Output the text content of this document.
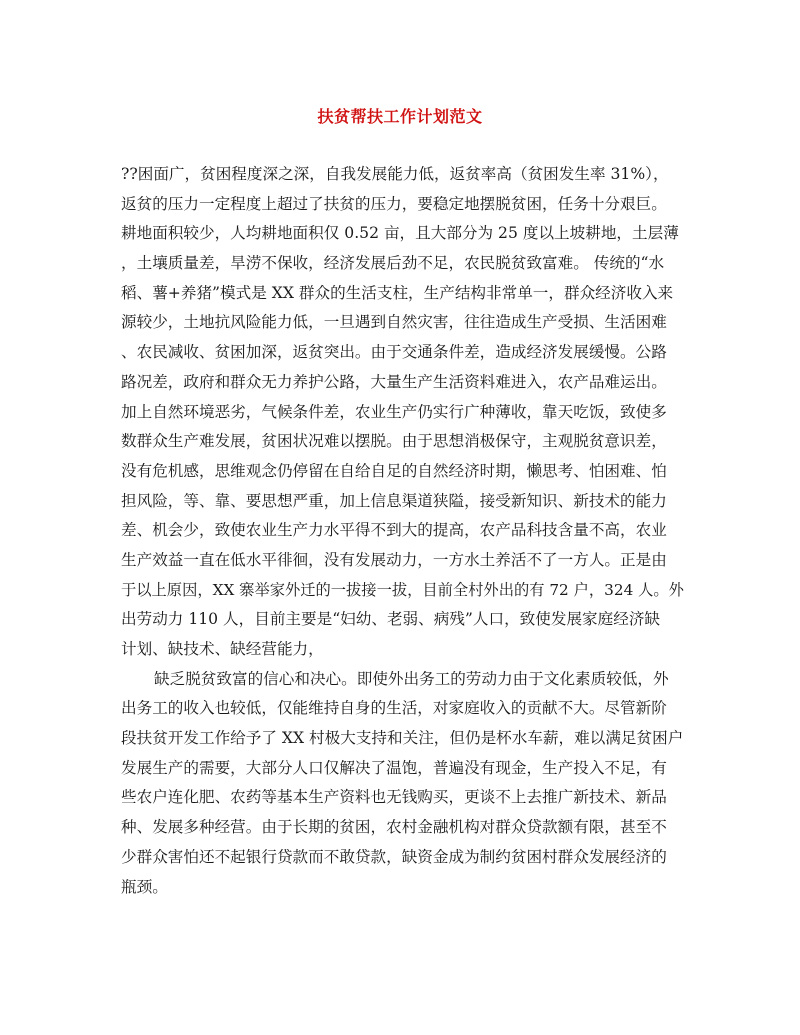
扶贫帮扶工作计划范文
??困面广，贫困程度深之深，自我发展能力低，返贫率高（贫困发生率 31%），
返贫的压力一定程度上超过了扶贫的压力，要稳定地摆脱贫困，任务十分艰巨。
耕地面积较少，人均耕地面积仅 0.52 亩，且大部分为 25 度以上坡耕地，土层薄
，土壤质量差，旱涝不保收，经济发展后劲不足，农民脱贫致富难。 传统的“水
稻、薯+养猪”模式是 XX 群众的生活支柱，生产结构非常单一，群众经济收入来
源较少，土地抗风险能力低，一旦遇到自然灾害，往往造成生产受损、生活困难
、农民减收、贫困加深，返贫突出。由于交通条件差，造成经济发展缓慢。公路
路况差，政府和群众无力养护公路，大量生产生活资料难进入，农产品难运出。
加上自然环境恶劣，气候条件差，农业生产仍实行广种薄收，靠天吃饭，致使多
数群众生产难发展，贫困状况难以摆脱。由于思想消极保守，主观脱贫意识差，
没有危机感，思维观念仍停留在自给自足的自然经济时期，懒思考、怕困难、怕
担风险，等、靠、要思想严重，加上信息渠道狭隘，接受新知识、新技术的能力
差、机会少，致使农业生产力水平得不到大的提高，农产品科技含量不高，农业
生产效益一直在低水平徘徊，没有发展动力，一方水土养活不了一方人。正是由
于以上原因，XX 寨举家外迁的一拔接一拔，目前全村外出的有 72 户，324 人。外
出劳动力 110 人，目前主要是“妇幼、老弱、病残”人口，致使发展家庭经济缺
计划、缺技术、缺经营能力，
缺乏脱贫致富的信心和决心。即使外出务工的劳动力由于文化素质较低，外
出务工的收入也较低，仅能维持自身的生活，对家庭收入的贡献不大。尽管新阶
段扶贫开发工作给予了 XX 村极大支持和关注，但仍是杯水车薪，难以满足贫困户
发展生产的需要，大部分人口仅解决了温饱，普遍没有现金，生产投入不足，有
些农户连化肥、农药等基本生产资料也无钱购买，更谈不上去推广新技术、新品
种、发展多种经营。由于长期的贫困，农村金融机构对群众贷款额有限，甚至不
少群众害怕还不起银行贷款而不敢贷款，缺资金成为制约贫困村群众发展经济的
瓶颈。
